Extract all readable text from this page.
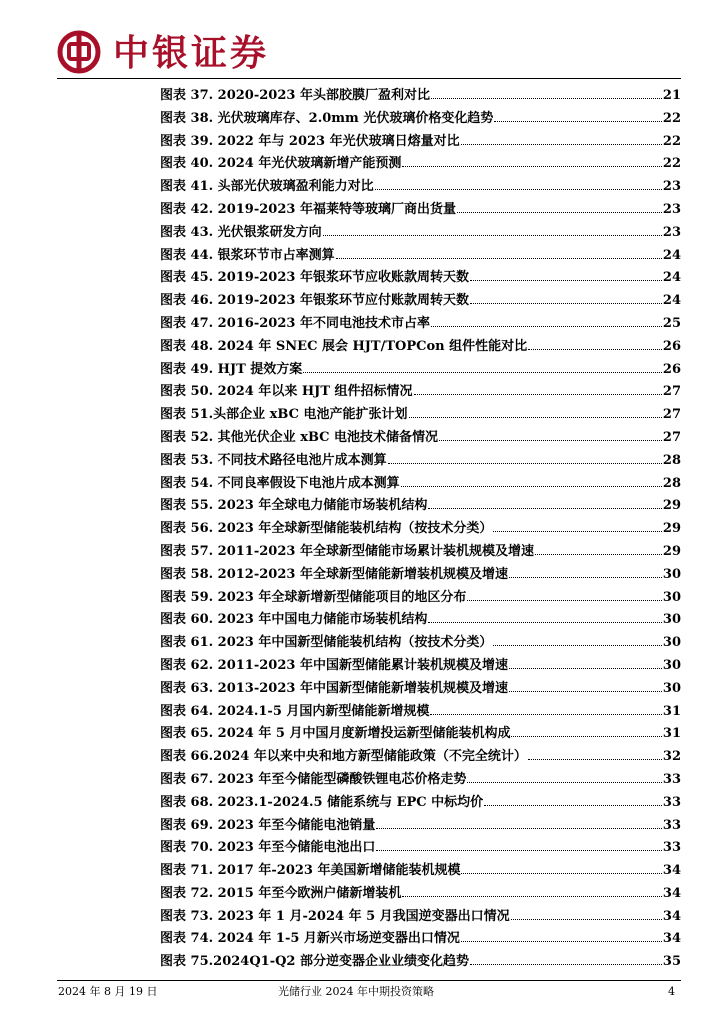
中银证券
图表 37. 2020-2023 年头部胶膜厂盈利对比	21
图表 38. 光伏玻璃库存、2.0mm 光伏玻璃价格变化趋势	22
图表 39. 2022 年与 2023 年光伏玻璃日熔量对比	22
图表 40. 2024 年光伏玻璃新增产能预测	22
图表 41. 头部光伏玻璃盈利能力对比	23
图表 42. 2019-2023 年福莱特等玻璃厂商出货量	23
图表 43. 光伏银浆研发方向	23
图表 44. 银浆环节市占率测算	24
图表 45. 2019-2023 年银浆环节应收账款周转天数	24
图表 46. 2019-2023 年银浆环节应付账款周转天数	24
图表 47. 2016-2023 年不同电池技术市占率	25
图表 48. 2024 年 SNEC 展会 HJT/TOPCon 组件性能对比	26
图表 49. HJT 提效方案	26
图表 50. 2024 年以来 HJT 组件招标情况	27
图表 51.头部企业 xBC 电池产能扩张计划	27
图表 52. 其他光伏企业 xBC 电池技术储备情况	27
图表 53. 不同技术路径电池片成本测算	28
图表 54. 不同良率假设下电池片成本测算	28
图表 55. 2023 年全球电力储能市场装机结构	29
图表 56. 2023 年全球新型储能装机结构（按技术分类）	29
图表 57. 2011-2023 年全球新型储能市场累计装机规模及增速	29
图表 58. 2012-2023 年全球新型储能新增装机规模及增速	30
图表 59. 2023 年全球新增新型储能项目的地区分布	30
图表 60. 2023 年中国电力储能市场装机结构	30
图表 61. 2023 年中国新型储能装机结构（按技术分类）	30
图表 62. 2011-2023 年中国新型储能累计装机规模及增速	30
图表 63. 2013-2023 年中国新型储能新增装机规模及增速	30
图表 64. 2024.1-5 月国内新型储能新增规模	31
图表 65. 2024 年 5 月中国月度新增投运新型储能装机构成	31
图表 66.2024 年以来中央和地方新型储能政策（不完全统计）	32
图表 67. 2023 年至今储能型磷酸铁锂电芯价格走势	33
图表 68. 2023.1-2024.5 储能系统与 EPC 中标均价	33
图表 69. 2023 年至今储能电池销量	33
图表 70. 2023 年至今储能电池出口	33
图表 71. 2017 年-2023 年美国新增储能装机规模	34
图表 72. 2015 年至今欧洲户储新增装机	34
图表 73. 2023 年 1 月-2024 年 5 月我国逆变器出口情况	34
图表 74. 2024 年 1-5 月新兴市场逆变器出口情况	34
图表 75.2024Q1-Q2 部分逆变器企业业绩变化趋势	35
2024 年 8 月 19 日	光储行业 2024 年中期投资策略	4
